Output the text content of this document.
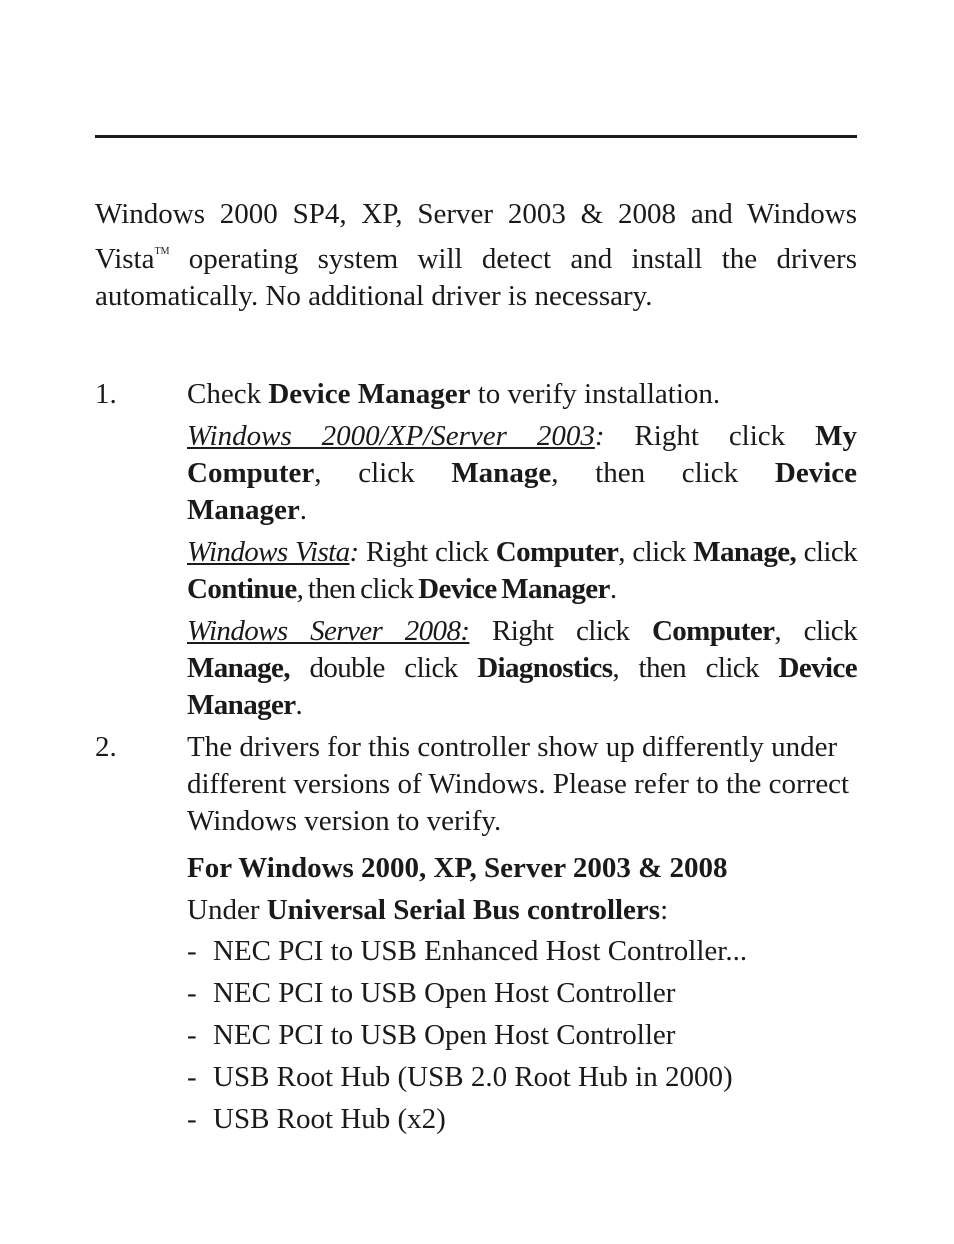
Windows 2000 SP4, XP, Server 2003 & 2008 and Windows Vista™ operating system will detect and install the drivers automatically. No additional driver is necessary.

1. Check Device Manager to verify installation.

Windows 2000/XP/Server 2003: Right click My Computer, click Manage, then click Device Manager.

Windows Vista: Right click Computer, click Manage, click Continue, then click Device Manager.

Windows Server 2008: Right click Computer, click Manage, double click Diagnostics, then click Device Manager.

2. The drivers for this controller show up differently under different versions of Windows. Please refer to the correct Windows version to verify.

For Windows 2000, XP, Server 2003 & 2008

Under Universal Serial Bus controllers:

- NEC PCI to USB Enhanced Host Controller...
- NEC PCI to USB Open Host Controller
- NEC PCI to USB Open Host Controller
- USB Root Hub (USB 2.0 Root Hub in 2000)
- USB Root Hub (x2)
